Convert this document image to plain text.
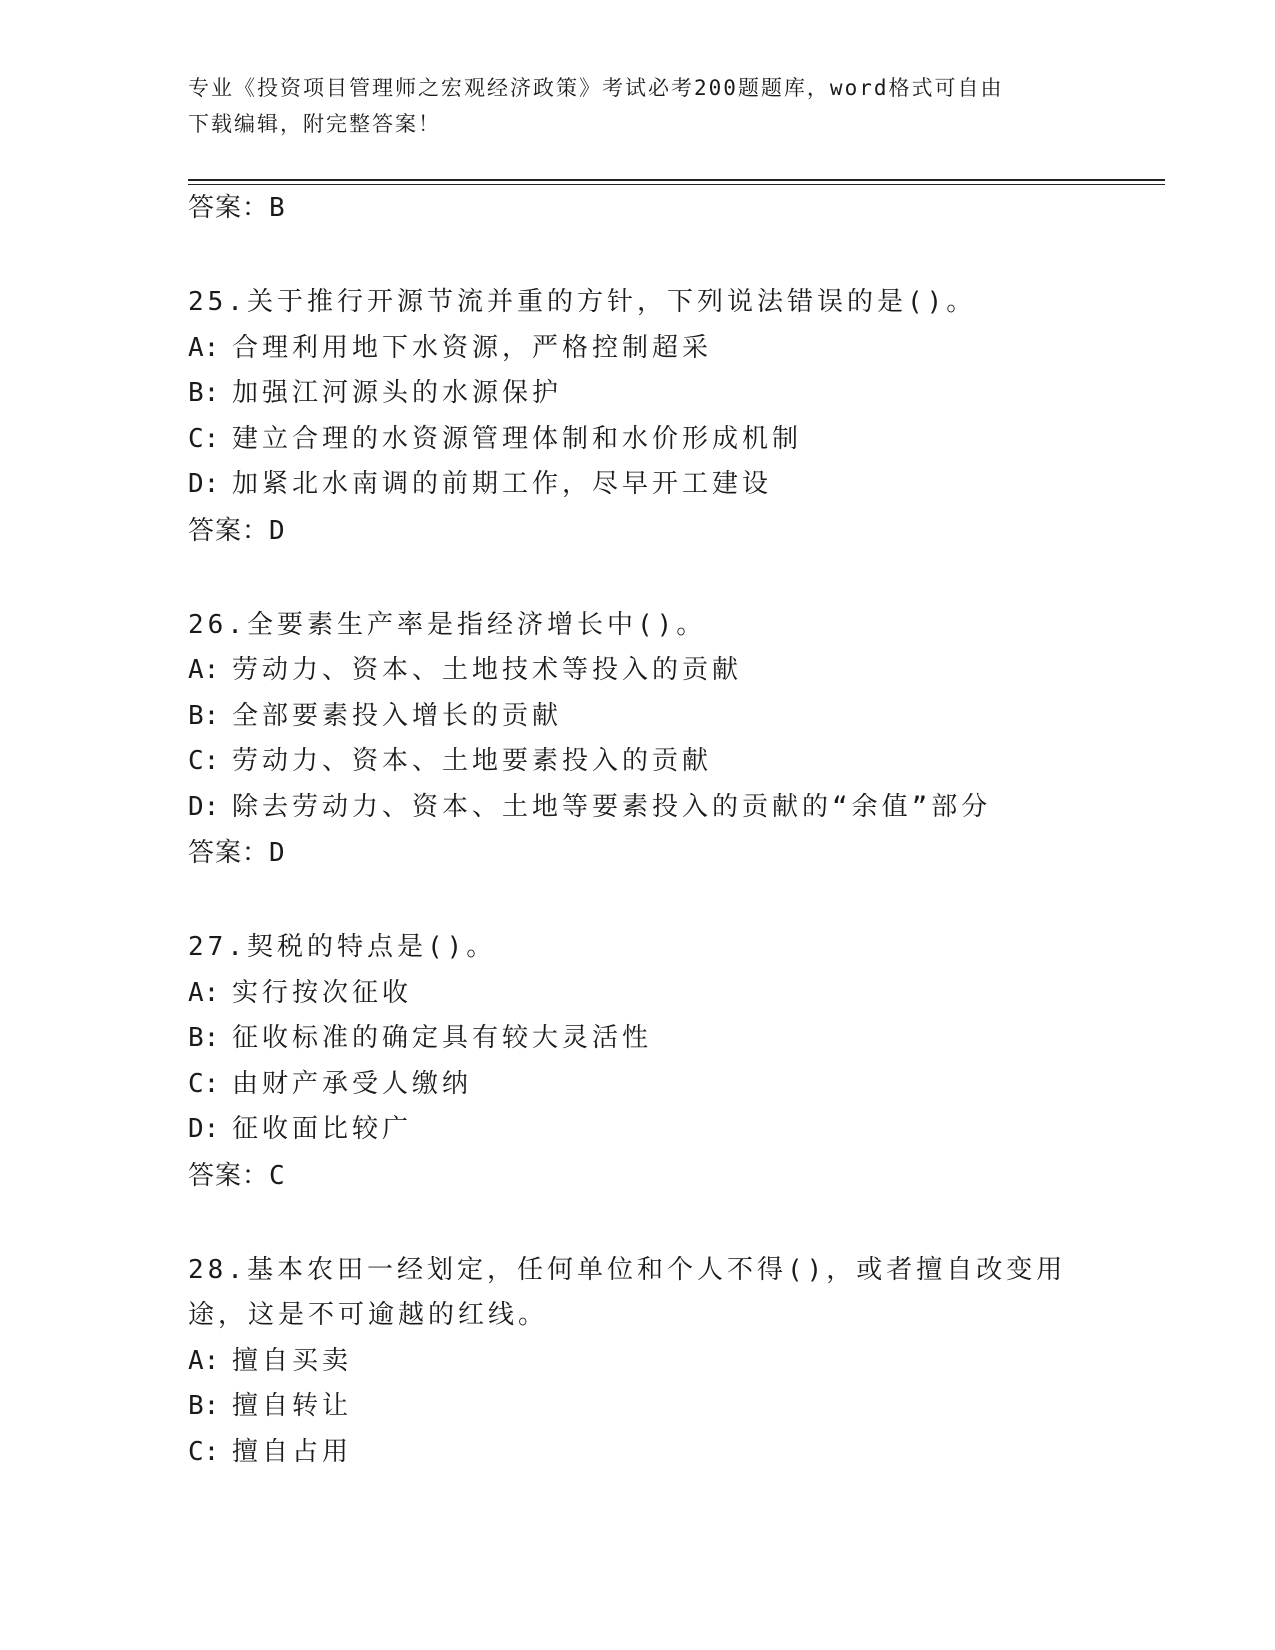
专业《投资项目管理师之宏观经济政策》考试必考200题题库，word格式可自由
下载编辑，附完整答案！
答案：B
25.关于推行开源节流并重的方针，下列说法错误的是()。
A: 合理利用地下水资源，严格控制超采
B: 加强江河源头的水源保护
C: 建立合理的水资源管理体制和水价形成机制
D: 加紧北水南调的前期工作，尽早开工建设
答案：D
26.全要素生产率是指经济增长中()。
A: 劳动力、资本、土地技术等投入的贡献
B: 全部要素投入增长的贡献
C: 劳动力、资本、土地要素投入的贡献
D: 除去劳动力、资本、土地等要素投入的贡献的“余值”部分
答案：D
27.契税的特点是()。
A: 实行按次征收
B: 征收标准的确定具有较大灵活性
C: 由财产承受人缴纳
D: 征收面比较广
答案：C
28.基本农田一经划定，任何单位和个人不得()，或者擅自改变用途，这是不可逾越的红线。
A: 擅自买卖
B: 擅自转让
C: 擅自占用
